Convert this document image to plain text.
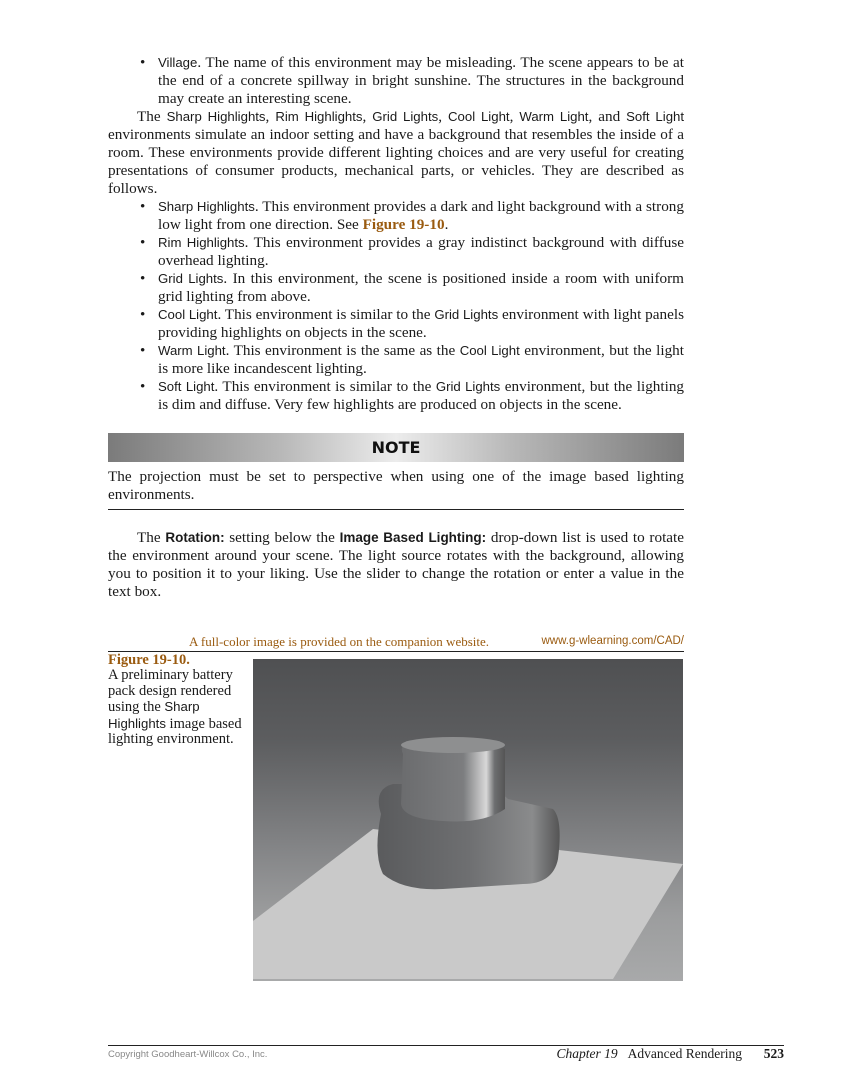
• Village. The name of this environment may be misleading. The scene appears to be at the end of a concrete spillway in bright sunshine. The structures in the background may create an interesting scene.

The Sharp Highlights, Rim Highlights, Grid Lights, Cool Light, Warm Light, and Soft Light environments simulate an indoor setting and have a background that resembles the inside of a room. These environments provide different lighting choices and are very useful for creating presentations of consumer products, mechanical parts, or vehicles. They are described as follows.

• Sharp Highlights. This environment provides a dark and light background with a strong low light from one direction. See Figure 19-10.
• Rim Highlights. This environment provides a gray indistinct background with diffuse overhead lighting.
• Grid Lights. In this environment, the scene is positioned inside a room with uniform grid lighting from above.
• Cool Light. This environment is similar to the Grid Lights environment with light panels providing highlights on objects in the scene.
• Warm Light. This environment is the same as the Cool Light environment, but the light is more like incandescent lighting.
• Soft Light. This environment is similar to the Grid Lights environment, but the lighting is dim and diffuse. Very few highlights are produced on objects in the scene.
NOTE
The projection must be set to perspective when using one of the image based lighting environments.

The Rotation: setting below the Image Based Lighting: drop-down list is used to rotate the environment around your scene. The light source rotates with the background, allowing you to position it to your liking. Use the slider to change the rotation or enter a value in the text box.

A full-color image is provided on the companion website.	www.g-wlearning.com/CAD/
Figure 19-10.
A preliminary battery pack design rendered using the Sharp Highlights image based lighting environment.
Copyright Goodheart-Willcox Co., Inc.	Chapter 19 Advanced Rendering 523
